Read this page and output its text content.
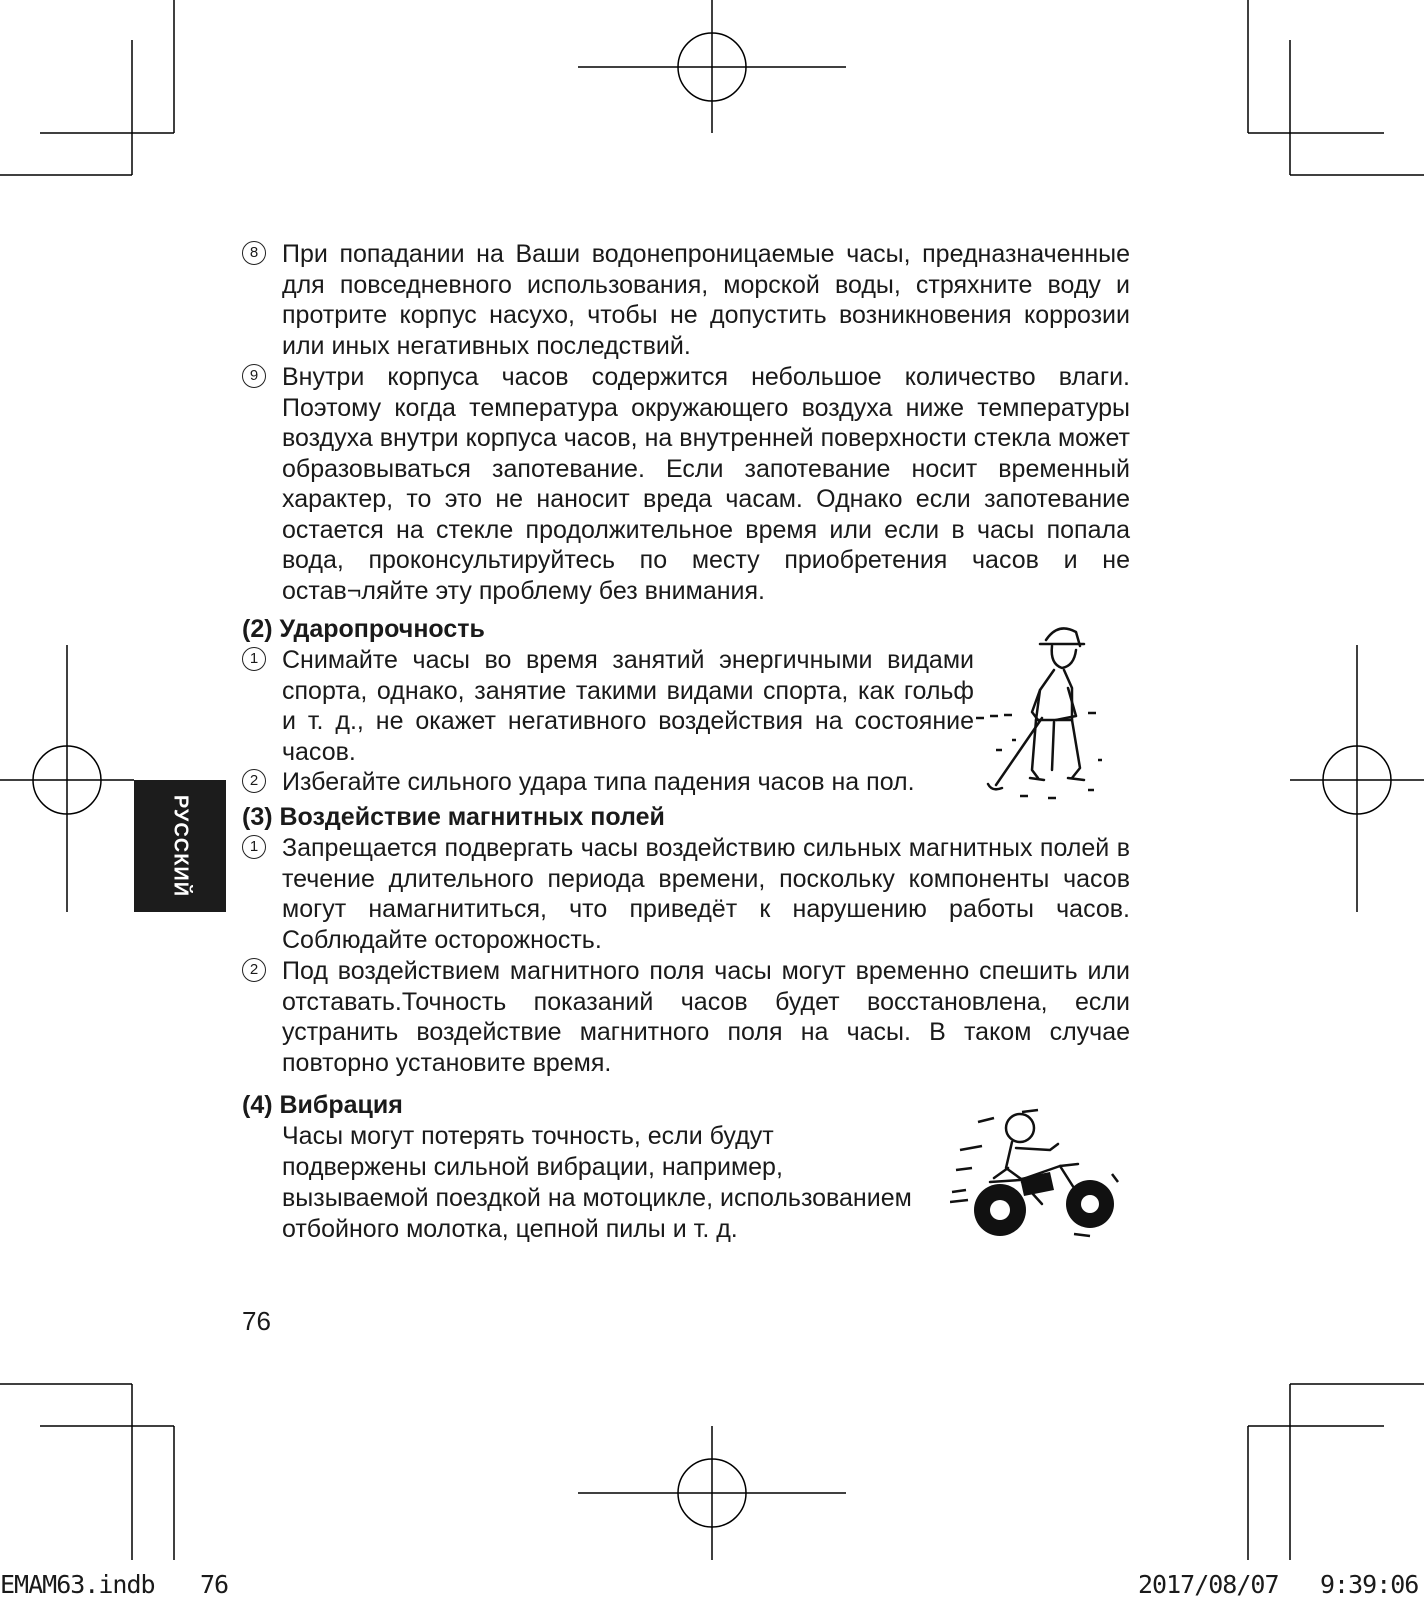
8 При попадании на Ваши водонепроницаемые часы, предназначенные для повседневного использования, морской воды, стряхните воду и протрите корпус насухо, чтобы не допустить возникновения коррозии или иных негативных последствий.
9 Внутри корпуса часов содержится небольшое количество влаги. Поэтому когда температура окружающего воздуха ниже температуры воздуха внутри корпуса часов, на внутренней поверхности стекла может образовываться запотевание. Если запотевание носит временный характер, то это не наносит вреда часам. Однако если запотевание остается на стекле продолжительное время или если в часы попала вода, проконсультируйтесь по месту приобретения часов и не остав¬ляйте эту проблему без внимания.
(2) Ударопрочность
1 Снимайте часы во время занятий энергичными видами спорта, однако, занятие такими видами спорта, как гольф и т. д., не окажет негативного воздействия на состояние часов.
2 Избегайте сильного удара типа падения часов на пол.
(3) Воздействие магнитных полей
1 Запрещается подвергать часы воздействию сильных магнитных полей в течение длительного периода времени, поскольку компоненты часов могут намагнититься, что приведёт к нарушению работы часов. Соблюдайте осторожность.
2 Под воздействием магнитного поля часы могут временно спешить или отставать.Точность показаний часов будет восстановлена, если устранить воздействие магнитного поля на часы. В таком случае повторно установите время.
(4) Вибрация
Часы могут потерять точность, если будут
подвержены сильной вибрации, например,
вызываемой поездкой на мотоцикле, использованием
отбойного молотка, цепной пилы и т. д.
РУССКИЙ
76
EMAM63.indb 76	2017/08/07 9:39:06
